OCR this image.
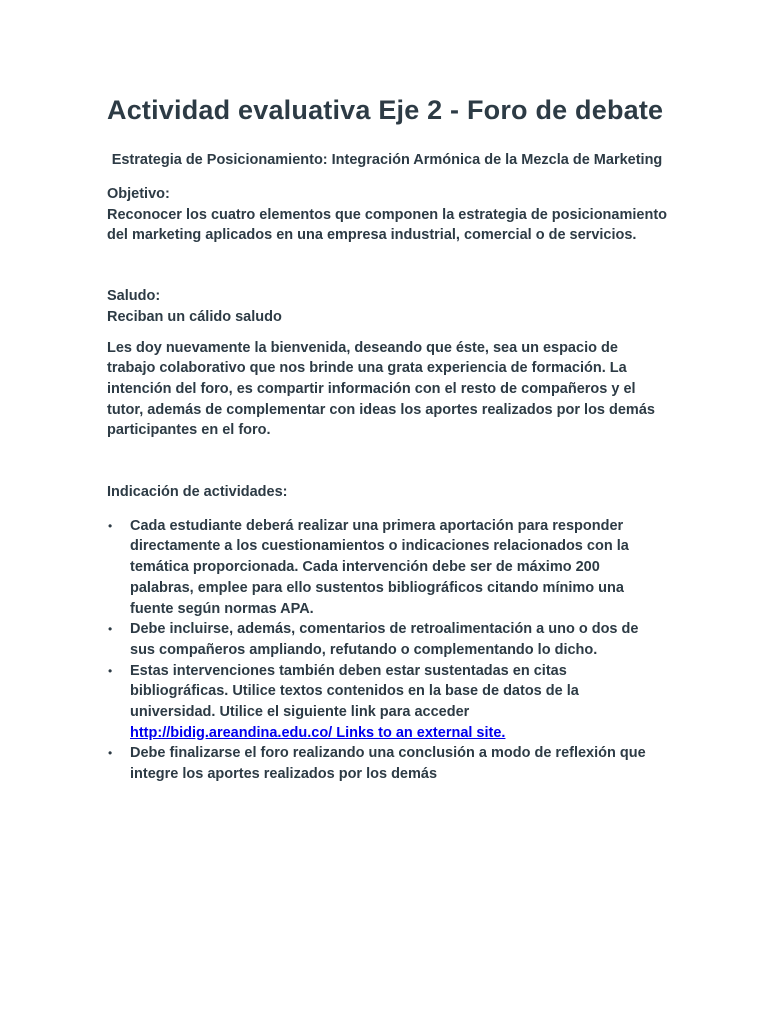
Actividad evaluativa Eje 2 - Foro de debate
Estrategia de Posicionamiento: Integración Armónica de la Mezcla de Marketing
Objetivo:
Reconocer los cuatro elementos que componen la estrategia de posicionamiento del marketing aplicados en una empresa industrial, comercial o de servicios.
Saludo:
Reciban un cálido saludo
Les doy nuevamente la bienvenida, deseando que éste, sea un espacio de trabajo colaborativo que nos brinde una grata experiencia de formación. La intención del foro, es compartir información con el resto de compañeros y el tutor, además de complementar con ideas los aportes realizados por los demás participantes en el foro.
Indicación de actividades:
• Cada estudiante deberá realizar una primera aportación para responder directamente a los cuestionamientos o indicaciones relacionados con la temática proporcionada. Cada intervención debe ser de máximo 200 palabras, emplee para ello sustentos bibliográficos citando mínimo una fuente según normas APA.
• Debe incluirse, además, comentarios de retroalimentación a uno o dos de sus compañeros ampliando, refutando o complementando lo dicho.
• Estas intervenciones también deben estar sustentadas en citas bibliográficas. Utilice textos contenidos en la base de datos de la universidad. Utilice el siguiente link para acceder  http://bidig.areandina.edu.co/ Links to an external site.
• Debe finalizarse el foro realizando una conclusión a modo de reflexión que integre los aportes realizados por los demás
